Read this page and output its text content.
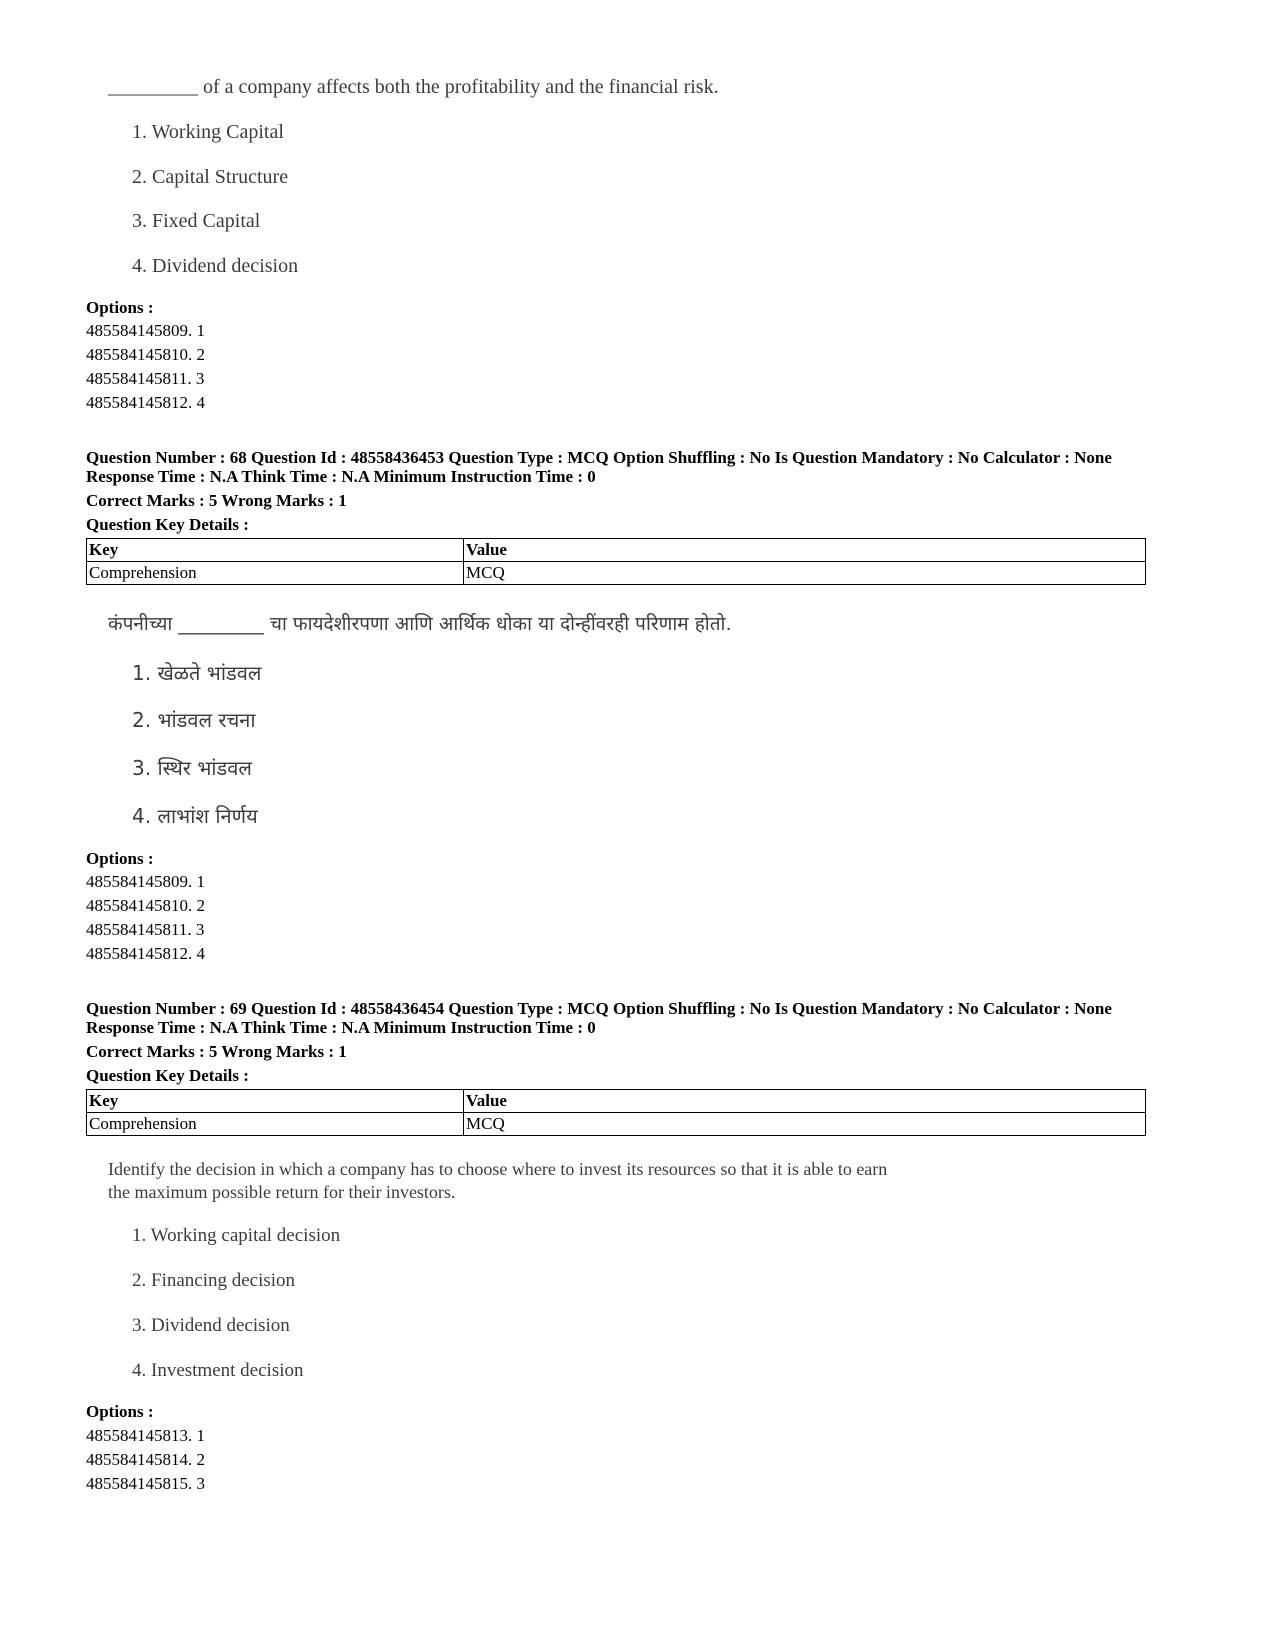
_________ of a company affects both the profitability and the financial risk.
1. Working Capital
2. Capital Structure
3. Fixed Capital
4. Dividend decision
Options :
485584145809. 1
485584145810. 2
485584145811. 3
485584145812. 4
Question Number : 68 Question Id : 48558436453 Question Type : MCQ Option Shuffling : No Is Question Mandatory : No Calculator : None
Response Time : N.A Think Time : N.A Minimum Instruction Time : 0
Correct Marks : 5 Wrong Marks : 1
Question Key Details :
Key	Value
Comprehension	MCQ
कंपनीच्या _________ चा फायदेशीरपणा आणि आर्थिक धोका या दोन्हींवरही परिणाम होतो.
1. खेळते भांडवल
2. भांडवल रचना
3. स्थिर भांडवल
4. लाभांश निर्णय
Options :
485584145809. 1
485584145810. 2
485584145811. 3
485584145812. 4
Question Number : 69 Question Id : 48558436454 Question Type : MCQ Option Shuffling : No Is Question Mandatory : No Calculator : None
Response Time : N.A Think Time : N.A Minimum Instruction Time : 0
Correct Marks : 5 Wrong Marks : 1
Question Key Details :
Key	Value
Comprehension	MCQ
Identify the decision in which a company has to choose where to invest its resources so that it is able to earn
the maximum possible return for their investors.
1. Working capital decision
2. Financing decision
3. Dividend decision
4. Investment decision
Options :
485584145813. 1
485584145814. 2
485584145815. 3
